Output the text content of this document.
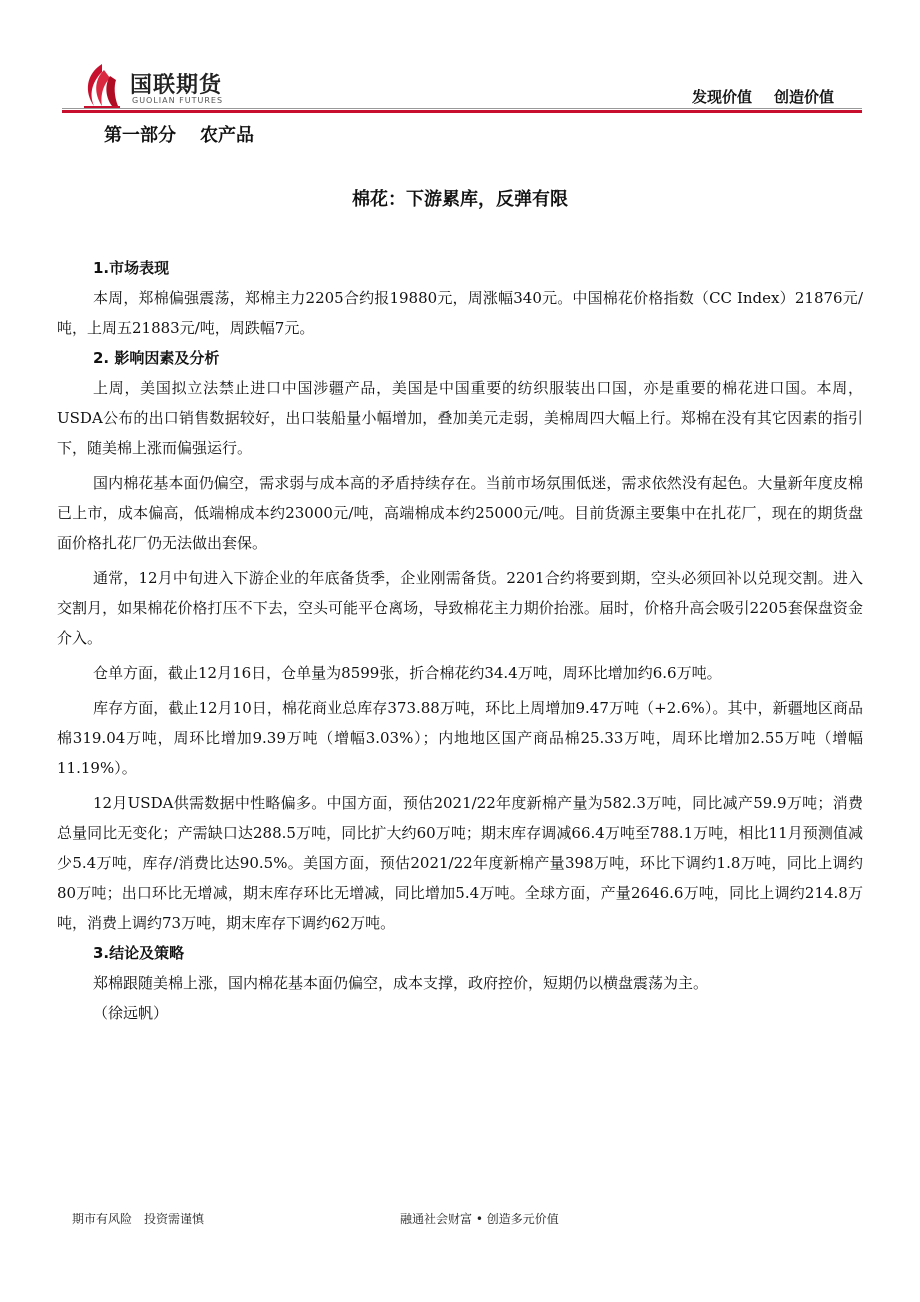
国联期货
GUOLIAN FUTURES	发现价值 创造价值
第一部分 农产品
棉花：下游累库，反弹有限
1.市场表现

本周，郑棉偏强震荡，郑棉主力2205合约报19880元，周涨幅340元。中国棉花价格指数（CC Index）21876元/吨，上周五21883元/吨，周跌幅7元。

2. 影响因素及分析

上周，美国拟立法禁止进口中国涉疆产品，美国是中国重要的纺织服装出口国，亦是重要的棉花进口国。本周，USDA公布的出口销售数据较好，出口装船量小幅增加，叠加美元走弱，美棉周四大幅上行。郑棉在没有其它因素的指引下，随美棉上涨而偏强运行。

国内棉花基本面仍偏空，需求弱与成本高的矛盾持续存在。当前市场氛围低迷，需求依然没有起色。大量新年度皮棉已上市，成本偏高，低端棉成本约23000元/吨，高端棉成本约25000元/吨。目前货源主要集中在扎花厂，现在的期货盘面价格扎花厂仍无法做出套保。

通常，12月中旬进入下游企业的年底备货季，企业刚需备货。2201合约将要到期，空头必须回补以兑现交割。进入交割月，如果棉花价格打压不下去，空头可能平仓离场，导致棉花主力期价抬涨。届时，价格升高会吸引2205套保盘资金介入。

仓单方面，截止12月16日，仓单量为8599张，折合棉花约34.4万吨，周环比增加约6.6万吨。

库存方面，截止12月10日，棉花商业总库存373.88万吨，环比上周增加9.47万吨（+2.6%）。其中，新疆地区商品棉319.04万吨，周环比增加9.39万吨（增幅3.03%）；内地地区国产商品棉25.33万吨，周环比增加2.55万吨（增幅11.19%）。

12月USDA供需数据中性略偏多。中国方面，预估2021/22年度新棉产量为582.3万吨，同比减产59.9万吨；消费总量同比无变化；产需缺口达288.5万吨，同比扩大约60万吨；期末库存调减66.4万吨至788.1万吨，相比11月预测值减少5.4万吨，库存/消费比达90.5%。美国方面，预估2021/22年度新棉产量398万吨，环比下调约1.8万吨，同比上调约80万吨；出口环比无增减，期末库存环比无增减，同比增加5.4万吨。全球方面，产量2646.6万吨，同比上调约214.8万吨，消费上调约73万吨，期末库存下调约62万吨。

3.结论及策略

郑棉跟随美棉上涨，国内棉花基本面仍偏空，成本支撑，政府控价，短期仍以横盘震荡为主。

（徐远帆）

期市有风险　投资需谨慎	融通社会财富 • 创造多元价值
